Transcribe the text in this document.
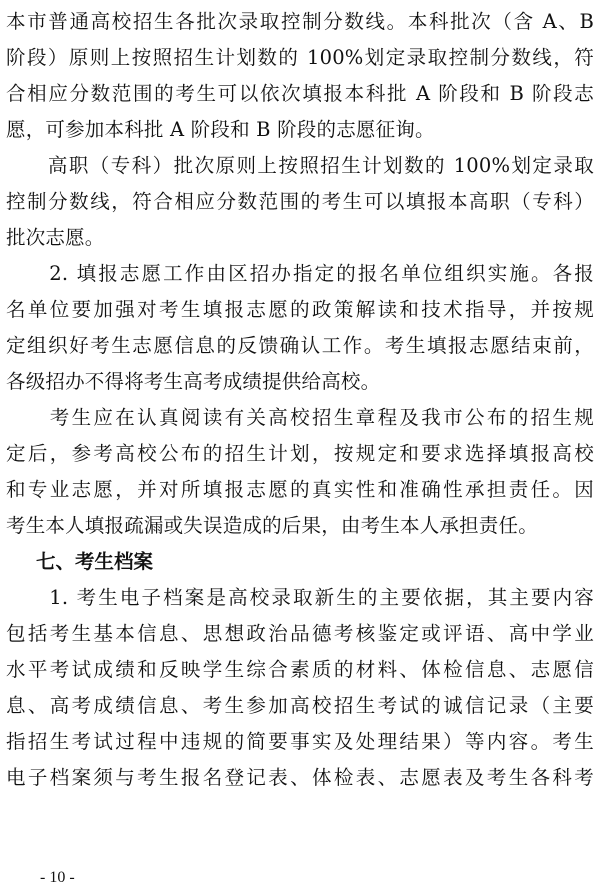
本市普通高校招生各批次录取控制分数线。本科批次（含 A、B
阶段）原则上按照招生计划数的 100%划定录取控制分数线，符
合相应分数范围的考生可以依次填报本科批 A 阶段和 B 阶段志
愿，可参加本科批 A 阶段和 B 阶段的志愿征询。

　　高职（专科）批次原则上按照招生计划数的 100%划定录取
控制分数线，符合相应分数范围的考生可以填报本高职（专科）
批次志愿。

　　2. 填报志愿工作由区招办指定的报名单位组织实施。各报
名单位要加强对考生填报志愿的政策解读和技术指导，并按规
定组织好考生志愿信息的反馈确认工作。考生填报志愿结束前，
各级招办不得将考生高考成绩提供给高校。

　　考生应在认真阅读有关高校招生章程及我市公布的招生规
定后，参考高校公布的招生计划，按规定和要求选择填报高校
和专业志愿，并对所填报志愿的真实性和准确性承担责任。因
考生本人填报疏漏或失误造成的后果，由考生本人承担责任。

七、考生档案

　　1. 考生电子档案是高校录取新生的主要依据，其主要内容
包括考生基本信息、思想政治品德考核鉴定或评语、高中学业
水平考试成绩和反映学生综合素质的材料、体检信息、志愿信
息、高考成绩信息、考生参加高校招生考试的诚信记录（主要
指招生考试过程中违规的简要事实及处理结果）等内容。考生
电子档案须与考生报名登记表、体检表、志愿表及考生各科考

- 10 -
